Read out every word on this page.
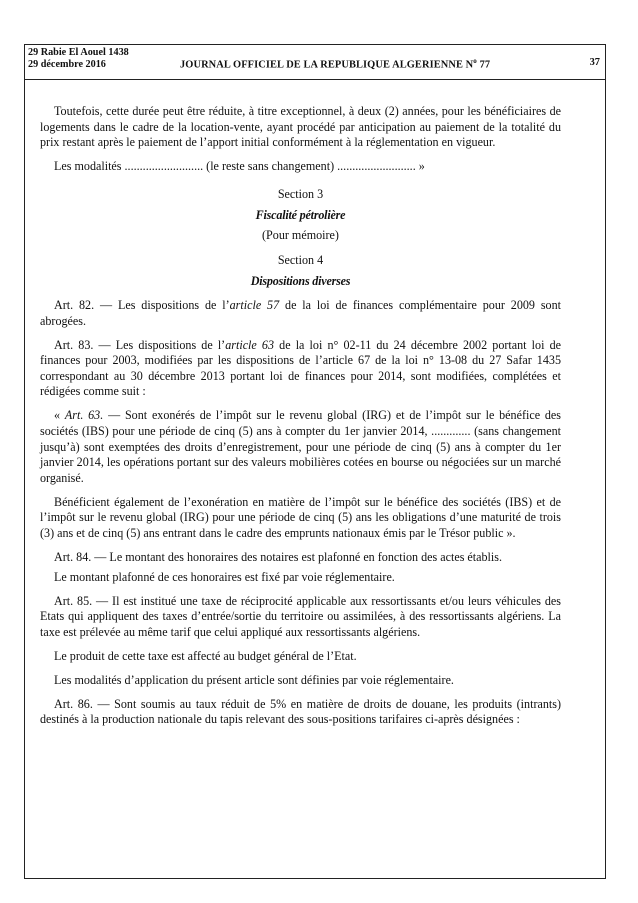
29 Rabie El Aouel 1438
29 décembre 2016	JOURNAL OFFICIEL DE LA REPUBLIQUE ALGERIENNE $N^o$ 77	37

Toutefois, cette durée peut être réduite, à titre exceptionnel, à deux (2) années, pour les bénéficiaires de logements dans le cadre de la location-vente, ayant procédé par anticipation au paiement de la totalité du prix restant après le paiement de l’apport initial conformément à la réglementation en vigueur.

Les modalités .......................... (le reste sans changement) .......................... »

Section 3
Fiscalité pétrolière
(Pour mémoire)
Section 4
Dispositions diverses

Art. 82. — Les dispositions de l’article 57 de la loi de finances complémentaire pour 2009 sont abrogées.

Art. 83. — Les dispositions de l’article 63 de la loi n° 02-11 du 24 décembre 2002 portant loi de finances pour 2003, modifiées par les dispositions de l’article 67 de la loi n° 13-08 du 27 Safar 1435 correspondant au 30 décembre 2013 portant loi de finances pour 2014, sont modifiées, complétées et rédigées comme suit :

« Art. 63. — Sont exonérés de l’impôt sur le revenu global (IRG) et de l’impôt sur le bénéfice des sociétés (IBS) pour une période de cinq (5) ans à compter du 1er janvier 2014, ............. (sans changement jusqu’à) sont exemptées des droits d’enregistrement, pour une période de cinq (5) ans à compter du 1er janvier 2014, les opérations portant sur des valeurs mobilières cotées en bourse ou négociées sur un marché organisé.

Bénéficient également de l’exonération en matière de l’impôt sur le bénéfice des sociétés (IBS) et de l’impôt sur le revenu global (IRG) pour une période de cinq (5) ans les obligations d’une maturité de trois (3) ans et de cinq (5) ans entrant dans le cadre des emprunts nationaux émis par le Trésor public ».

Art. 84. — Le montant des honoraires des notaires est plafonné en fonction des actes établis.

Le montant plafonné de ces honoraires est fixé par voie réglementaire.

Art. 85. — Il est institué une taxe de réciprocité applicable aux ressortissants et/ou leurs véhicules des Etats qui appliquent des taxes d’entrée/sortie du territoire ou assimilées, à des ressortissants algériens. La taxe est prélevée au même tarif que celui appliqué aux ressortissants algériens.

Le produit de cette taxe est affecté au budget général de l’Etat.

Les modalités d’application du présent article sont définies par voie réglementaire.

Art. 86. — Sont soumis au taux réduit de 5% en matière de droits de douane, les produits (intrants) destinés à la production nationale du tapis relevant des sous-positions tarifaires ci-après désignées :
